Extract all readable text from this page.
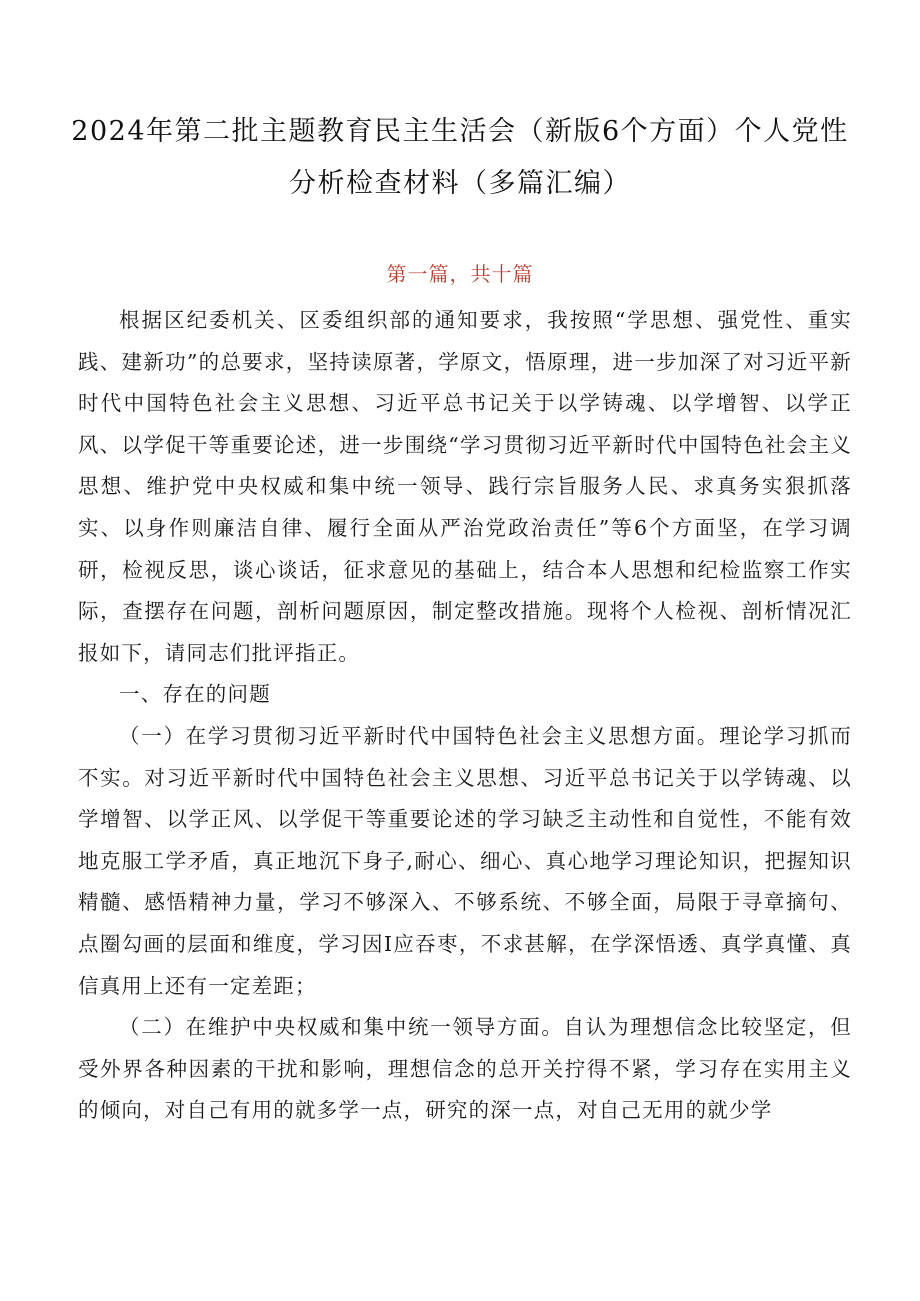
2024年第二批主题教育民主生活会（新版6个方面）个人党性分析检查材料（多篇汇编）
第一篇，共十篇

根据区纪委机关、区委组织部的通知要求，我按照“学思想、强党性、重实践、建新功”的总要求，坚持读原著，学原文，悟原理，进一步加深了对习近平新时代中国特色社会主义思想、习近平总书记关于以学铸魂、以学增智、以学正风、以学促干等重要论述，进一步围绕“学习贯彻习近平新时代中国特色社会主义思想、维护党中央权威和集中统一领导、践行宗旨服务人民、求真务实狠抓落实、以身作则廉洁自律、履行全面从严治党政治责任”等6个方面坚，在学习调研，检视反思，谈心谈话，征求意见的基础上，结合本人思想和纪检监察工作实际，查摆存在问题，剖析问题原因，制定整改措施。现将个人检视、剖析情况汇报如下，请同志们批评指正。

一、存在的问题

（一）在学习贯彻习近平新时代中国特色社会主义思想方面。理论学习抓而不实。对习近平新时代中国特色社会主义思想、习近平总书记关于以学铸魂、以学增智、以学正风、以学促干等重要论述的学习缺乏主动性和自觉性，不能有效地克服工学矛盾，真正地沉下身子,耐心、细心、真心地学习理论知识，把握知识精髓、感悟精神力量，学习不够深入、不够系统、不够全面，局限于寻章摘句、点圈勾画的层面和维度，学习因I应吞枣，不求甚解，在学深悟透、真学真懂、真信真用上还有一定差距；

（二）在维护中央权威和集中统一领导方面。自认为理想信念比较坚定，但受外界各种因素的干扰和影响，理想信念的总开关拧得不紧，学习存在实用主义的倾向，对自己有用的就多学一点，研究的深一点，对自己无用的就少学
